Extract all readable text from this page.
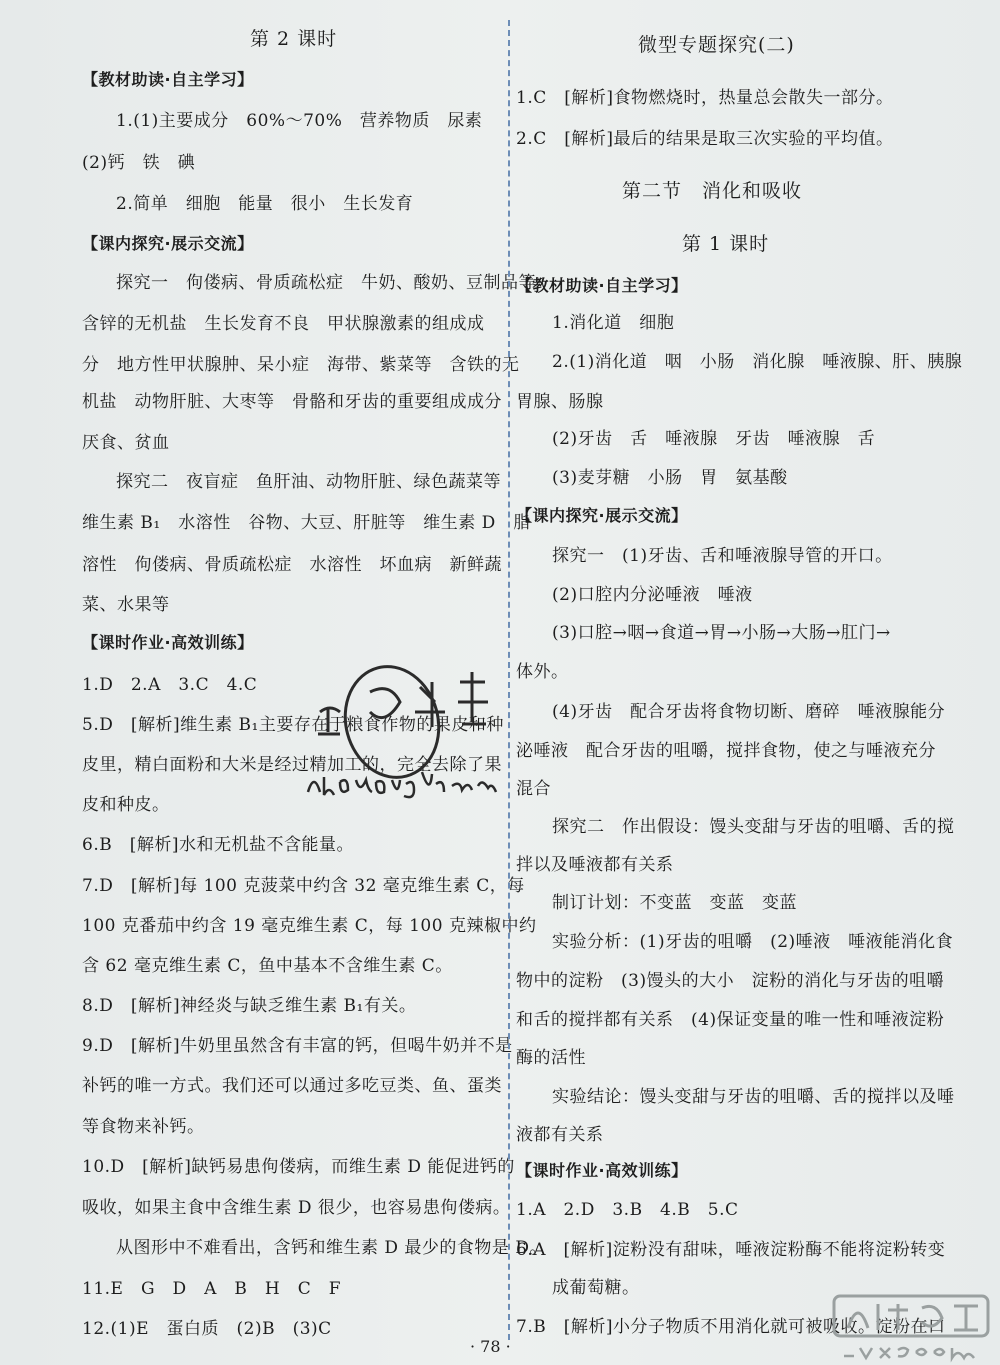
第 2 课时
【教材助读·自主学习】
1.(1)主要成分　60%～70%　营养物质　尿素
(2)钙　铁　碘
2.简单　细胞　能量　很小　生长发育
【课内探究·展示交流】
探究一　佝偻病、骨质疏松症　牛奶、酸奶、豆制品等
含锌的无机盐　生长发育不良　甲状腺激素的组成成
分　地方性甲状腺肿、呆小症　海带、紫菜等　含铁的无
机盐　动物肝脏、大枣等　骨骼和牙齿的重要组成成分
厌食、贫血
探究二　夜盲症　鱼肝油、动物肝脏、绿色蔬菜等
维生素 B₁　水溶性　谷物、大豆、肝脏等　维生素 D　脂
溶性　佝偻病、骨质疏松症　水溶性　坏血病　新鲜蔬
菜、水果等
【课时作业·高效训练】
1.D　2.A　3.C　4.C
5.D　[解析]维生素 B₁主要存在于粮食作物的果皮和种
皮里，精白面粉和大米是经过精加工的，完全去除了果
皮和种皮。
6.B　[解析]水和无机盐不含能量。
7.D　[解析]每 100 克菠菜中约含 32 毫克维生素 C，每
100 克番茄中约含 19 毫克维生素 C，每 100 克辣椒中约
含 62 毫克维生素 C，鱼中基本不含维生素 C。
8.D　[解析]神经炎与缺乏维生素 B₁有关。
9.D　[解析]牛奶里虽然含有丰富的钙，但喝牛奶并不是
补钙的唯一方式。我们还可以通过多吃豆类、鱼、蛋类
等食物来补钙。
10.D　[解析]缺钙易患佝偻病，而维生素 D 能促进钙的
吸收，如果主食中含维生素 D 很少，也容易患佝偻病。
从图形中不难看出，含钙和维生素 D 最少的食物是 D。
11.E　G　D　A　B　H　C　F
12.(1)E　蛋白质　(2)B　(3)C
微型专题探究(二)
1.C　[解析]食物燃烧时，热量总会散失一部分。
2.C　[解析]最后的结果是取三次实验的平均值。
第二节　消化和吸收
第 1 课时
【教材助读·自主学习】
1.消化道　细胞
2.(1)消化道　咽　小肠　消化腺　唾液腺、肝、胰腺
胃腺、肠腺
(2)牙齿　舌　唾液腺　牙齿　唾液腺　舌
(3)麦芽糖　小肠　胃　氨基酸
【课内探究·展示交流】
探究一　(1)牙齿、舌和唾液腺导管的开口。
(2)口腔内分泌唾液　唾液
(3)口腔→咽→食道→胃→小肠→大肠→肛门→
体外。
(4)牙齿　配合牙齿将食物切断、磨碎　唾液腺能分
泌唾液　配合牙齿的咀嚼，搅拌食物，使之与唾液充分
混合
探究二　作出假设：馒头变甜与牙齿的咀嚼、舌的搅
拌以及唾液都有关系
制订计划：不变蓝　变蓝　变蓝
实验分析：(1)牙齿的咀嚼　(2)唾液　唾液能消化食
物中的淀粉　(3)馒头的大小　淀粉的消化与牙齿的咀嚼
和舌的搅拌都有关系　(4)保证变量的唯一性和唾液淀粉
酶的活性
实验结论：馒头变甜与牙齿的咀嚼、舌的搅拌以及唾
液都有关系
【课时作业·高效训练】
1.A　2.D　3.B　4.B　5.C
6.A　[解析]淀粉没有甜味，唾液淀粉酶不能将淀粉转变
成葡萄糖。
7.B　[解析]小分子物质不用消化就可被吸收。淀粉在口
· 78 ·
